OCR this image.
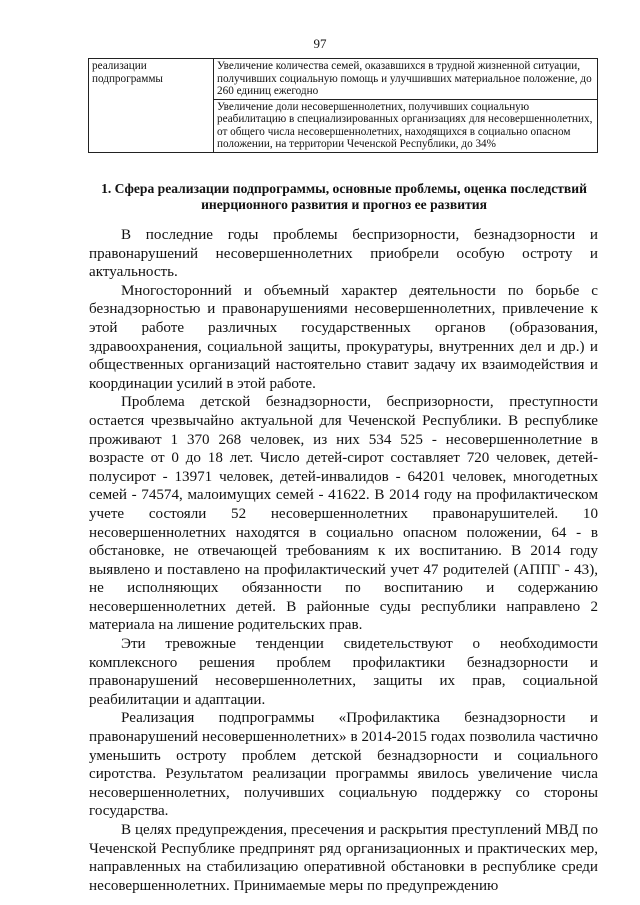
97
реализации подпрограммы	Увеличение количества семей, оказавшихся в трудной жизненной ситуации, получивших социальную помощь и улучшивших материальное положение, до 260 единиц ежегодно
Увеличение доли несовершеннолетних, получивших социальную реабилитацию в специализированных организациях для несовершеннолетних, от общего числа несовершеннолетних, находящихся в социально опасном положении, на территории Чеченской Республики, до 34%
1. Сфера реализации подпрограммы, основные проблемы, оценка последствий инерционного развития и прогноз ее развития

В последние годы проблемы беспризорности, безнадзорности и правонарушений несовершеннолетних приобрели особую остроту и актуальность.

Многосторонний и объемный характер деятельности по борьбе с безнадзорностью и правонарушениями несовершеннолетних, привлечение к этой работе различных государственных органов (образования, здравоохранения, социальной защиты, прокуратуры, внутренних дел и др.) и общественных организаций настоятельно ставит задачу их взаимодействия и координации усилий в этой работе.

Проблема детской безнадзорности, беспризорности, преступности остается чрезвычайно актуальной для Чеченской Республики. В республике проживают 1 370 268 человек, из них 534 525 - несовершеннолетние в возрасте от 0 до 18 лет. Число детей-сирот составляет 720 человек, детей-полусирот - 13971 человек, детей-инвалидов - 64201 человек, многодетных семей - 74574, малоимущих семей - 41622. В 2014 году на профилактическом учете состояли 52 несовершеннолетних правонарушителей. 10 несовершеннолетних находятся в социально опасном положении, 64 - в обстановке, не отвечающей требованиям к их воспитанию. В 2014 году выявлено и поставлено на профилактический учет 47 родителей (АППГ - 43), не исполняющих обязанности по воспитанию и содержанию несовершеннолетних детей. В районные суды республики направлено 2 материала на лишение родительских прав.

Эти тревожные тенденции свидетельствуют о необходимости комплексного решения проблем профилактики безнадзорности и правонарушений несовершеннолетних, защиты их прав, социальной реабилитации и адаптации.

Реализация подпрограммы «Профилактика безнадзорности и правонарушений несовершеннолетних» в 2014-2015 годах позволила частично уменьшить остроту проблем детской безнадзорности и социального сиротства. Результатом реализации программы явилось увеличение числа несовершеннолетних, получивших социальную поддержку со стороны государства.

В целях предупреждения, пресечения и раскрытия преступлений МВД по Чеченской Республике предпринят ряд организационных и практических мер, направленных на стабилизацию оперативной обстановки в республике среди несовершеннолетних. Принимаемые меры по предупреждению
